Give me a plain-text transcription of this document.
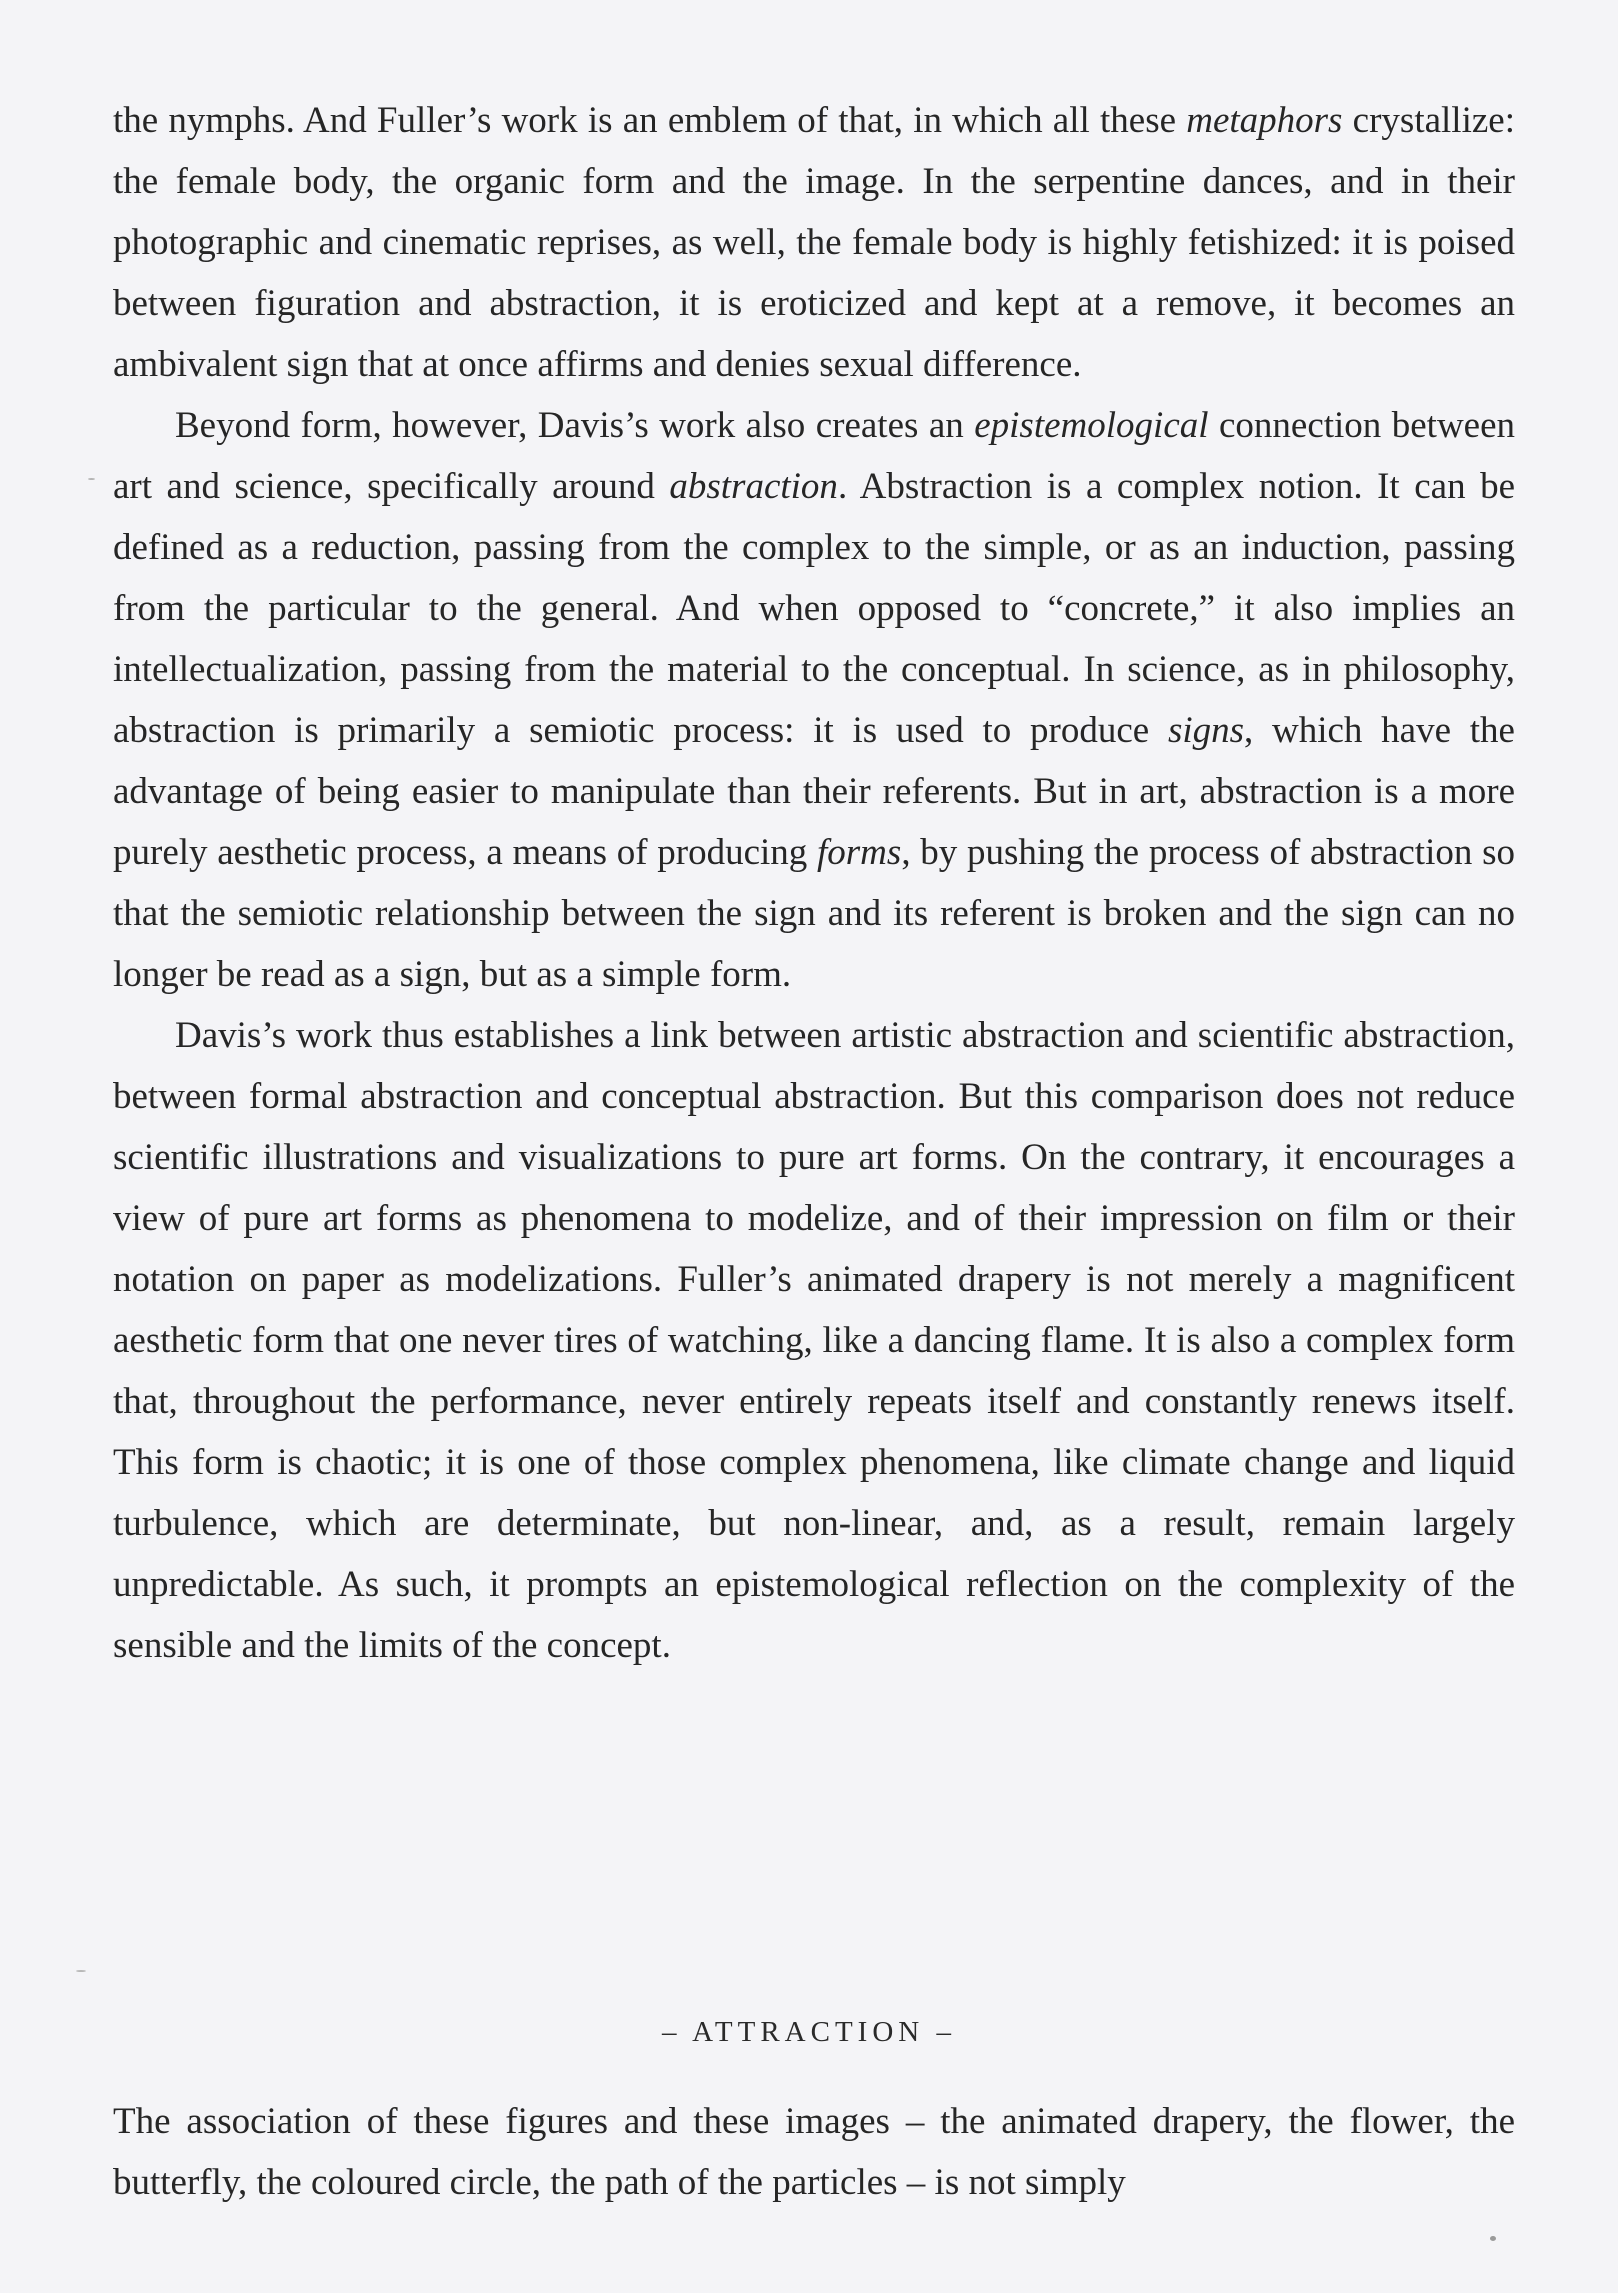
the nymphs. And Fuller’s work is an emblem of that, in which all these metaphors crystallize: the female body, the organic form and the image. In the serpentine dances, and in their photographic and cinematic reprises, as well, the female body is highly fetishized: it is poised between figuration and abstraction, it is eroticized and kept at a remove, it becomes an ambivalent sign that at once affirms and denies sexual difference.

Beyond form, however, Davis’s work also creates an epistemological connection between art and science, specifically around abstraction. Abstraction is a complex notion. It can be defined as a reduction, passing from the complex to the simple, or as an induction, passing from the particular to the general. And when opposed to “concrete,” it also implies an intellectualization, passing from the material to the conceptual. In science, as in philosophy, abstraction is primarily a semiotic process: it is used to produce signs, which have the advantage of being easier to manipulate than their referents. But in art, abstraction is a more purely aesthetic process, a means of producing forms, by pushing the process of abstraction so that the semiotic relationship between the sign and its referent is broken and the sign can no longer be read as a sign, but as a simple form.

Davis’s work thus establishes a link between artistic abstraction and scientific abstraction, between formal abstraction and conceptual abstraction. But this comparison does not reduce scientific illustrations and visualizations to pure art forms. On the contrary, it encourages a view of pure art forms as phenomena to modelize, and of their impression on film or their notation on paper as modelizations. Fuller’s animated drapery is not merely a magnificent aesthetic form that one never tires of watching, like a dancing flame. It is also a complex form that, throughout the performance, never entirely repeats itself and constantly renews itself. This form is chaotic; it is one of those complex phenomena, like climate change and liquid turbulence, which are determinate, but non-linear, and, as a result, remain largely unpredictable. As such, it prompts an epistemological reflection on the complexity of the sensible and the limits of the concept.

– ATTRACTION –

The association of these figures and these images – the animated drapery, the flower, the butterfly, the coloured circle, the path of the particles – is not simply
